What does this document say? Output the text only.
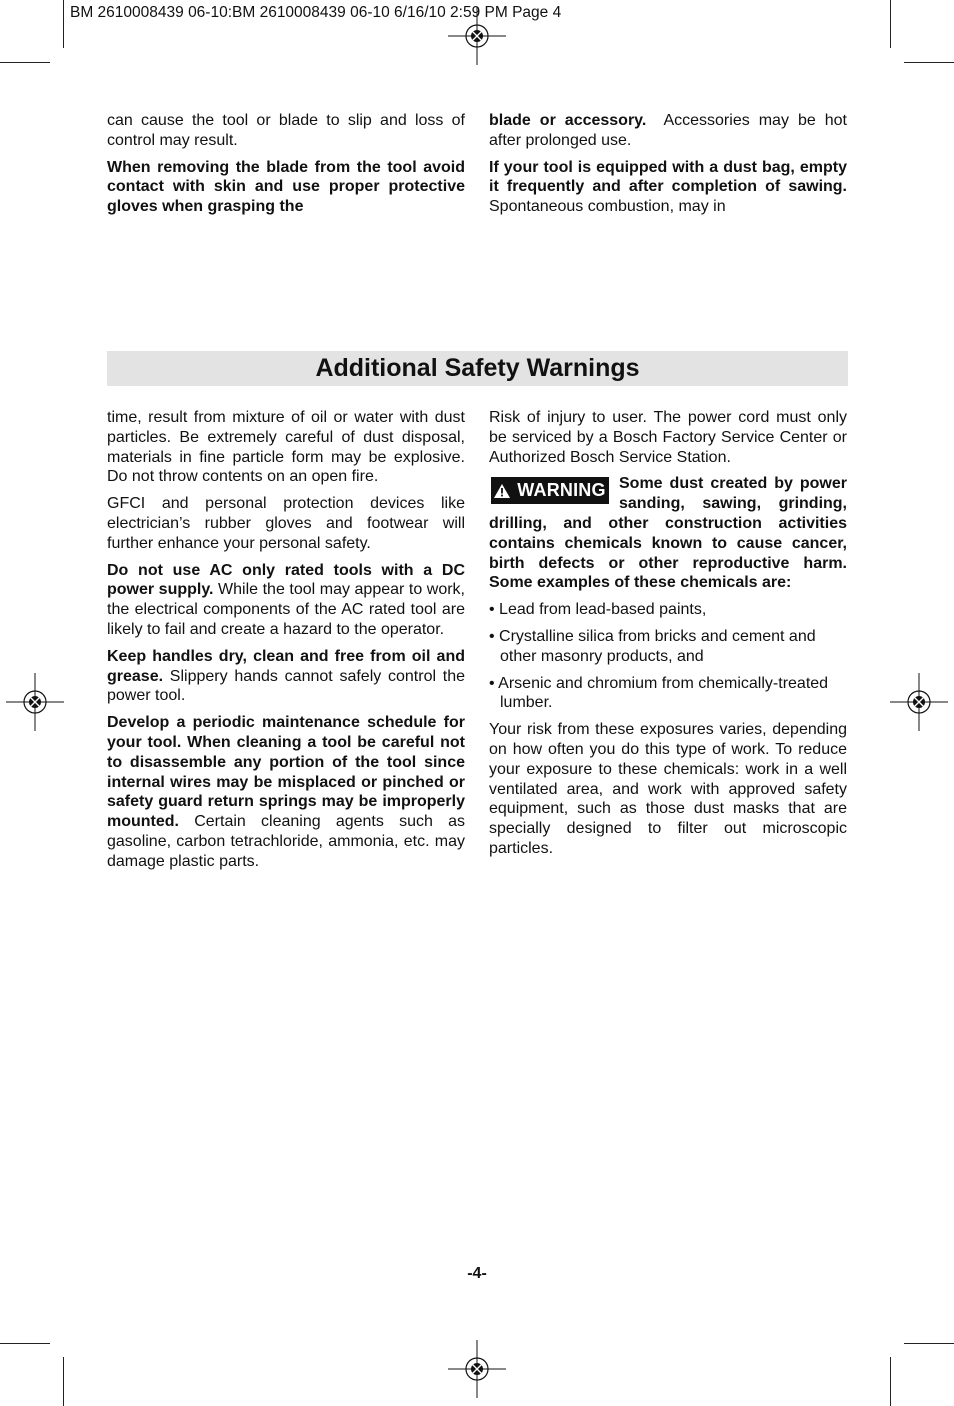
BM 2610008439 06-10:BM 2610008439 06-10 6/16/10 2:59 PM Page 4

can cause the tool or blade to slip and loss of control may result.

When removing the blade from the tool avoid contact with skin and use proper protective gloves when grasping the

blade or accessory.  Accessories may be hot after prolonged use.

If your tool is equipped with a dust bag, empty it frequently and after completion of sawing. Spontaneous combustion, may in

Additional Safety Warnings

time, result from mixture of oil or water with dust particles. Be extremely careful of dust disposal, materials in fine particle form may be explosive. Do not throw contents on an open fire.

GFCI and personal protection devices like electrician’s rubber gloves and footwear will further enhance your personal safety.

Do not use AC only rated tools with a DC power supply. While the tool may appear to work, the electrical components of the AC rated tool are likely to fail and create a hazard to the operator.

Keep handles dry, clean and free from oil and grease. Slippery hands cannot safely control the power tool.

Develop a periodic maintenance schedule for your tool. When cleaning a tool be careful not to disassemble any portion of the tool since internal wires may be misplaced or pinched or safety guard return springs may be improperly mounted. Certain cleaning agents such as gasoline, carbon tetrachloride, ammonia, etc. may damage plastic parts.

Risk of injury to user. The power cord must only be serviced by a Bosch Factory Service Center or Authorized Bosch Service Station.

WARNING Some dust created by power sanding, sawing, grinding, drilling, and other construction activities contains chemicals known to cause cancer, birth defects or other reproductive harm. Some examples of these chemicals are:

• Lead from lead-based paints,

• Crystalline silica from bricks and cement and other masonry products, and

• Arsenic and chromium from chemically-treated lumber.

Your risk from these exposures varies, depending on how often you do this type of work. To reduce your exposure to these chemicals: work in a well ventilated area, and work with approved safety equipment, such as those dust masks that are specially designed to filter out microscopic particles.

-4-
